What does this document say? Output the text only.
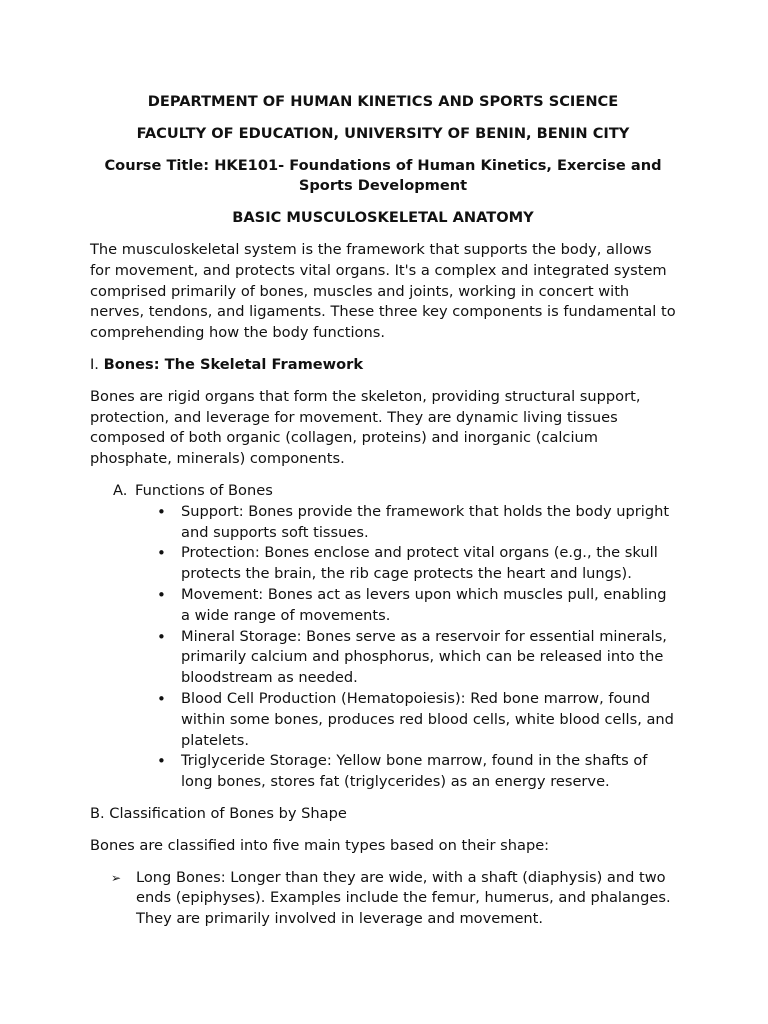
DEPARTMENT OF HUMAN KINETICS AND SPORTS SCIENCE
FACULTY OF EDUCATION, UNIVERSITY OF BENIN, BENIN CITY
Course Title: HKE101- Foundations of Human Kinetics, Exercise and Sports Development
BASIC MUSCULOSKELETAL ANATOMY

The musculoskeletal system is the framework that supports the body, allows for movement, and protects vital organs. It's a complex and integrated system comprised primarily of bones, muscles and joints, working in concert with nerves, tendons, and ligaments. These three key components is fundamental to comprehending how the body functions.

I. Bones: The Skeletal Framework

Bones are rigid organs that form the skeleton, providing structural support, protection, and leverage for movement. They are dynamic living tissues composed of both organic (collagen, proteins) and inorganic (calcium phosphate, minerals) components.

A. Functions of Bones
• Support: Bones provide the framework that holds the body upright and supports soft tissues.
• Protection: Bones enclose and protect vital organs (e.g., the skull protects the brain, the rib cage protects the heart and lungs).
• Movement: Bones act as levers upon which muscles pull, enabling a wide range of movements.
• Mineral Storage: Bones serve as a reservoir for essential minerals, primarily calcium and phosphorus, which can be released into the bloodstream as needed.
• Blood Cell Production (Hematopoiesis): Red bone marrow, found within some bones, produces red blood cells, white blood cells, and platelets.
• Triglyceride Storage: Yellow bone marrow, found in the shafts of long bones, stores fat (triglycerides) as an energy reserve.

B. Classification of Bones by Shape

Bones are classified into five main types based on their shape:

➢ Long Bones: Longer than they are wide, with a shaft (diaphysis) and two ends (epiphyses). Examples include the femur, humerus, and phalanges. They are primarily involved in leverage and movement.
